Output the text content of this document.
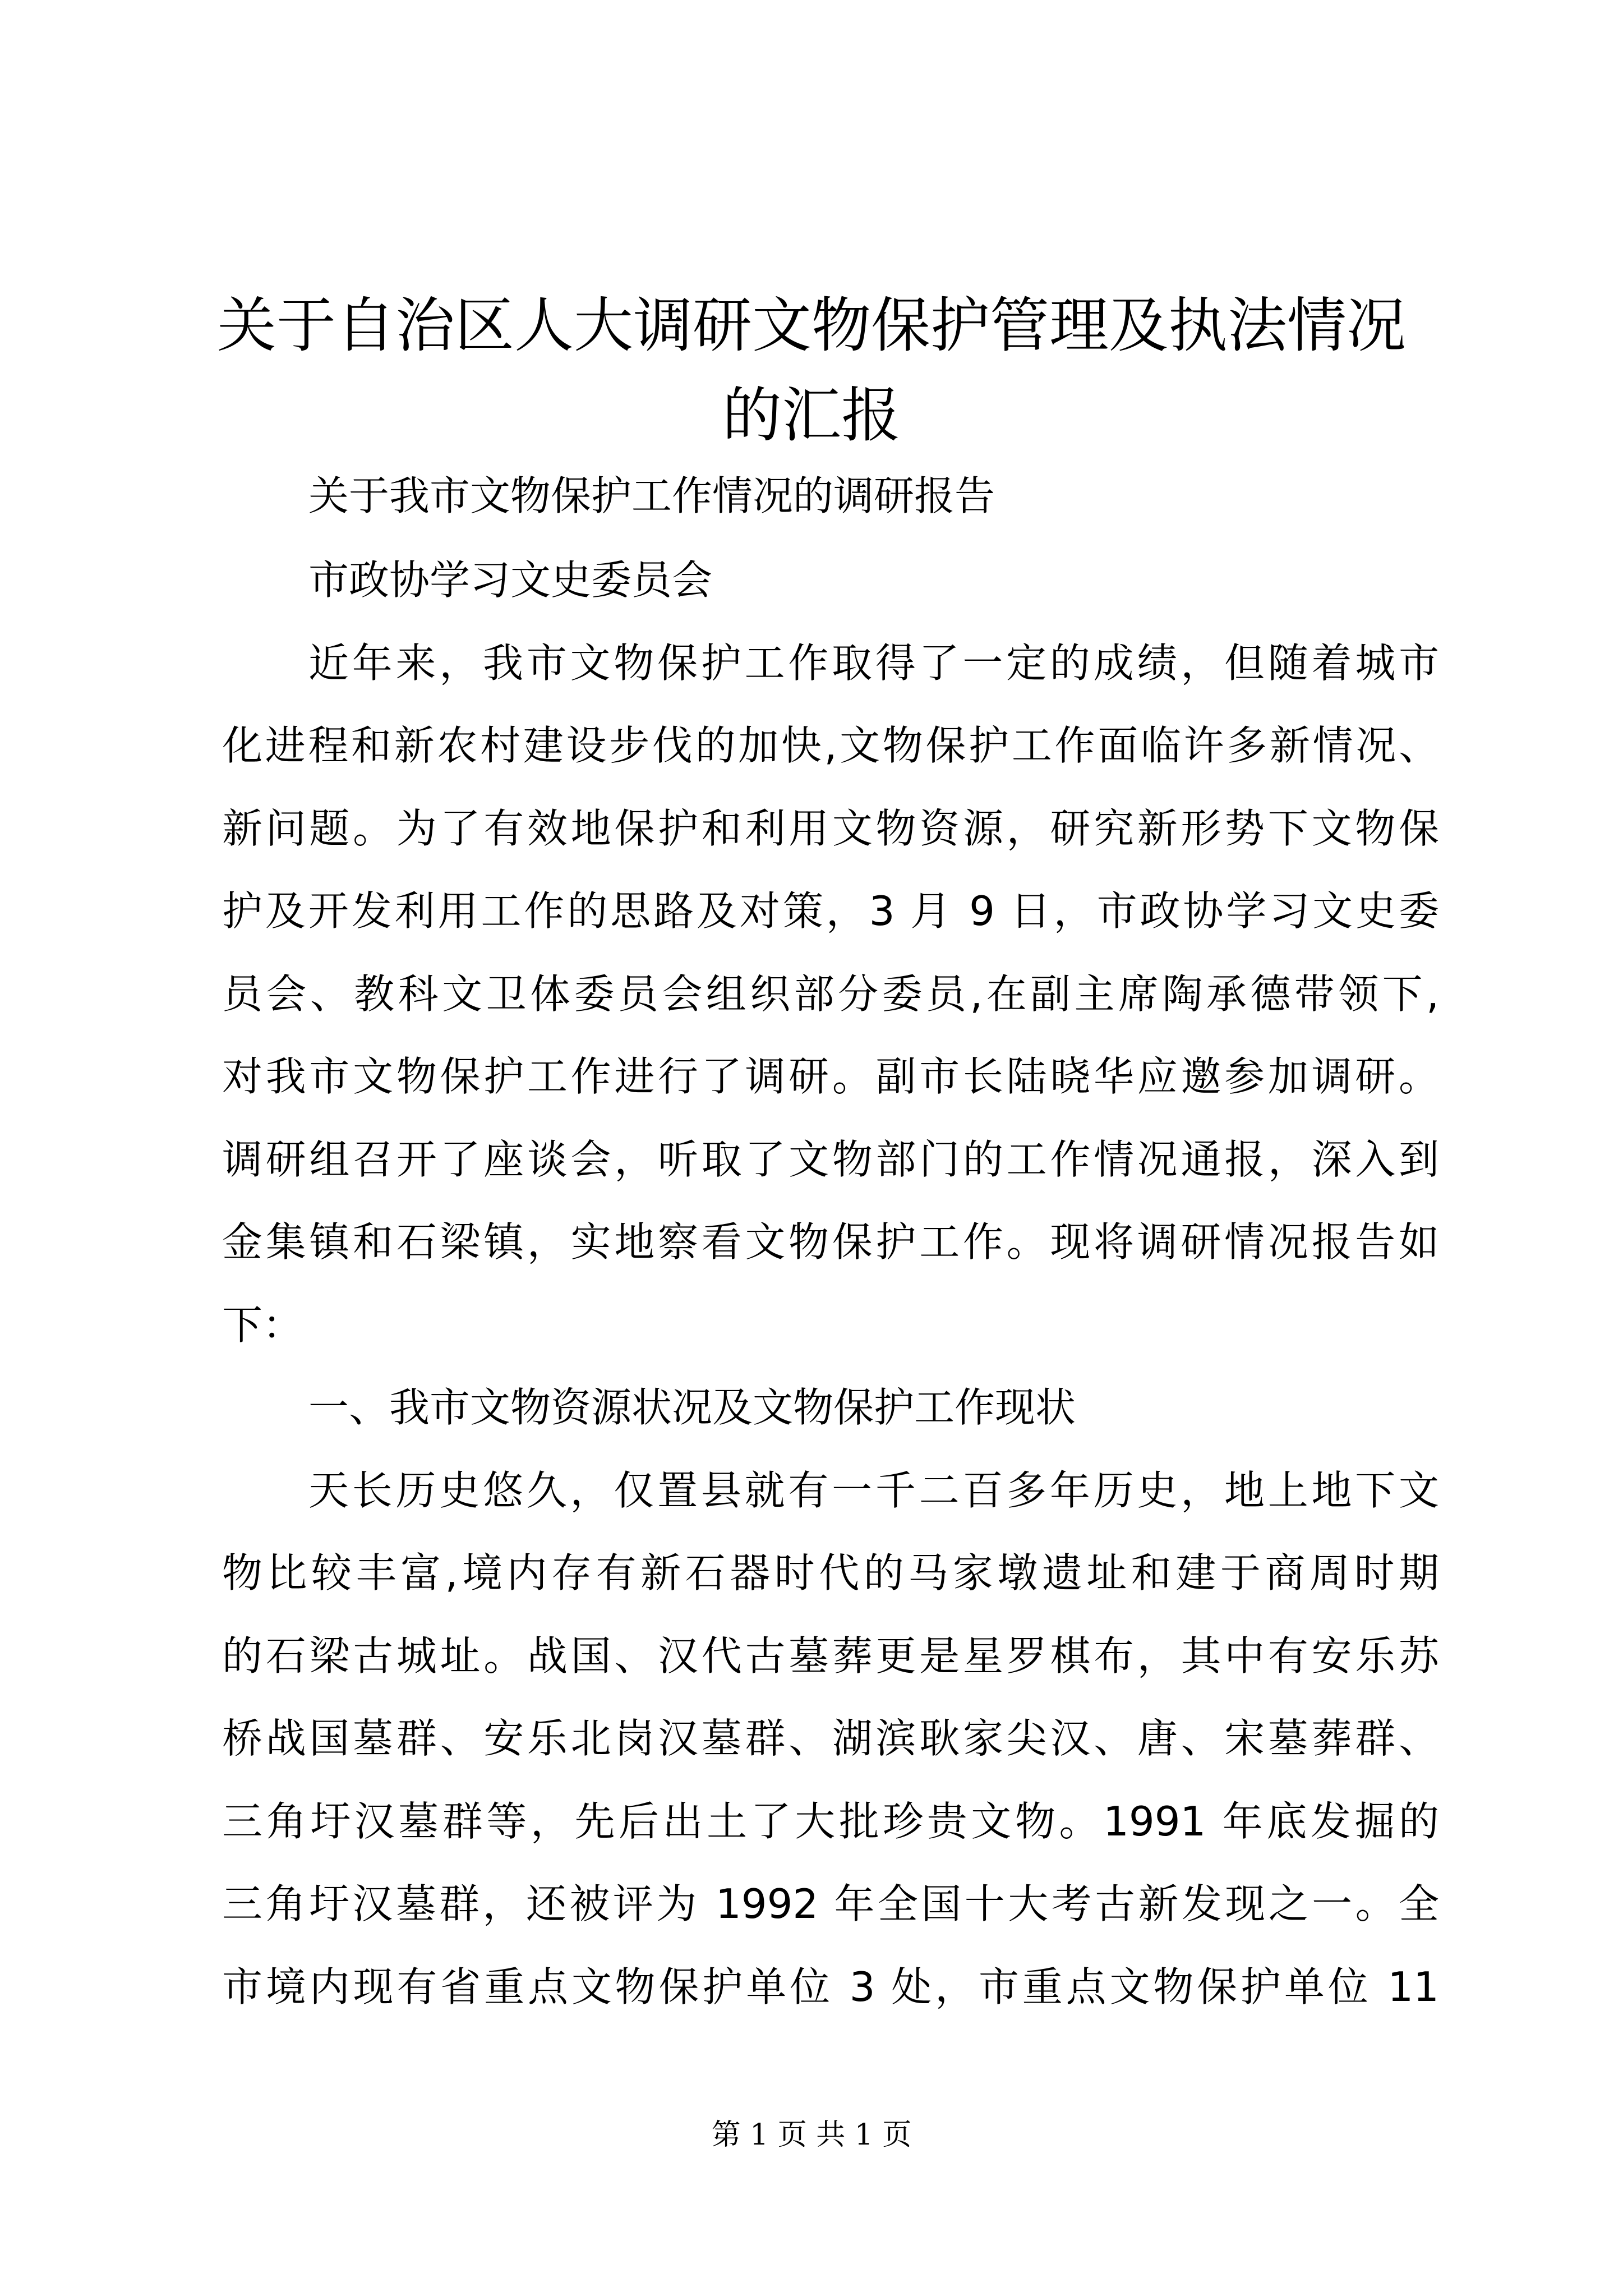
关于自治区人大调研文物保护管理及执法情况
的汇报

关于我市文物保护工作情况的调研报告

市政协学习文史委员会

近年来，我市文物保护工作取得了一定的成绩，但随着城市

化进程和新农村建设步伐的加快,文物保护工作面临许多新情况、

新问题。为了有效地保护和利用文物资源，研究新形势下文物保

护及开发利用工作的思路及对策，3 月 9 日，市政协学习文史委

员会、教科文卫体委员会组织部分委员,在副主席陶承德带领下,

对我市文物保护工作进行了调研。副市长陆晓华应邀参加调研。

调研组召开了座谈会，听取了文物部门的工作情况通报，深入到

金集镇和石梁镇，实地察看文物保护工作。现将调研情况报告如

下：

一、我市文物资源状况及文物保护工作现状

天长历史悠久，仅置县就有一千二百多年历史，地上地下文

物比较丰富,境内存有新石器时代的马家墩遗址和建于商周时期

的石梁古城址。战国、汉代古墓葬更是星罗棋布，其中有安乐苏

桥战国墓群、安乐北岗汉墓群、湖滨耿家尖汉、唐、宋墓葬群、

三角圩汉墓群等，先后出土了大批珍贵文物。1991 年底发掘的

三角圩汉墓群，还被评为 1992 年全国十大考古新发现之一。全

市境内现有省重点文物保护单位 3 处，市重点文物保护单位 11

第 1 页 共 1 页
